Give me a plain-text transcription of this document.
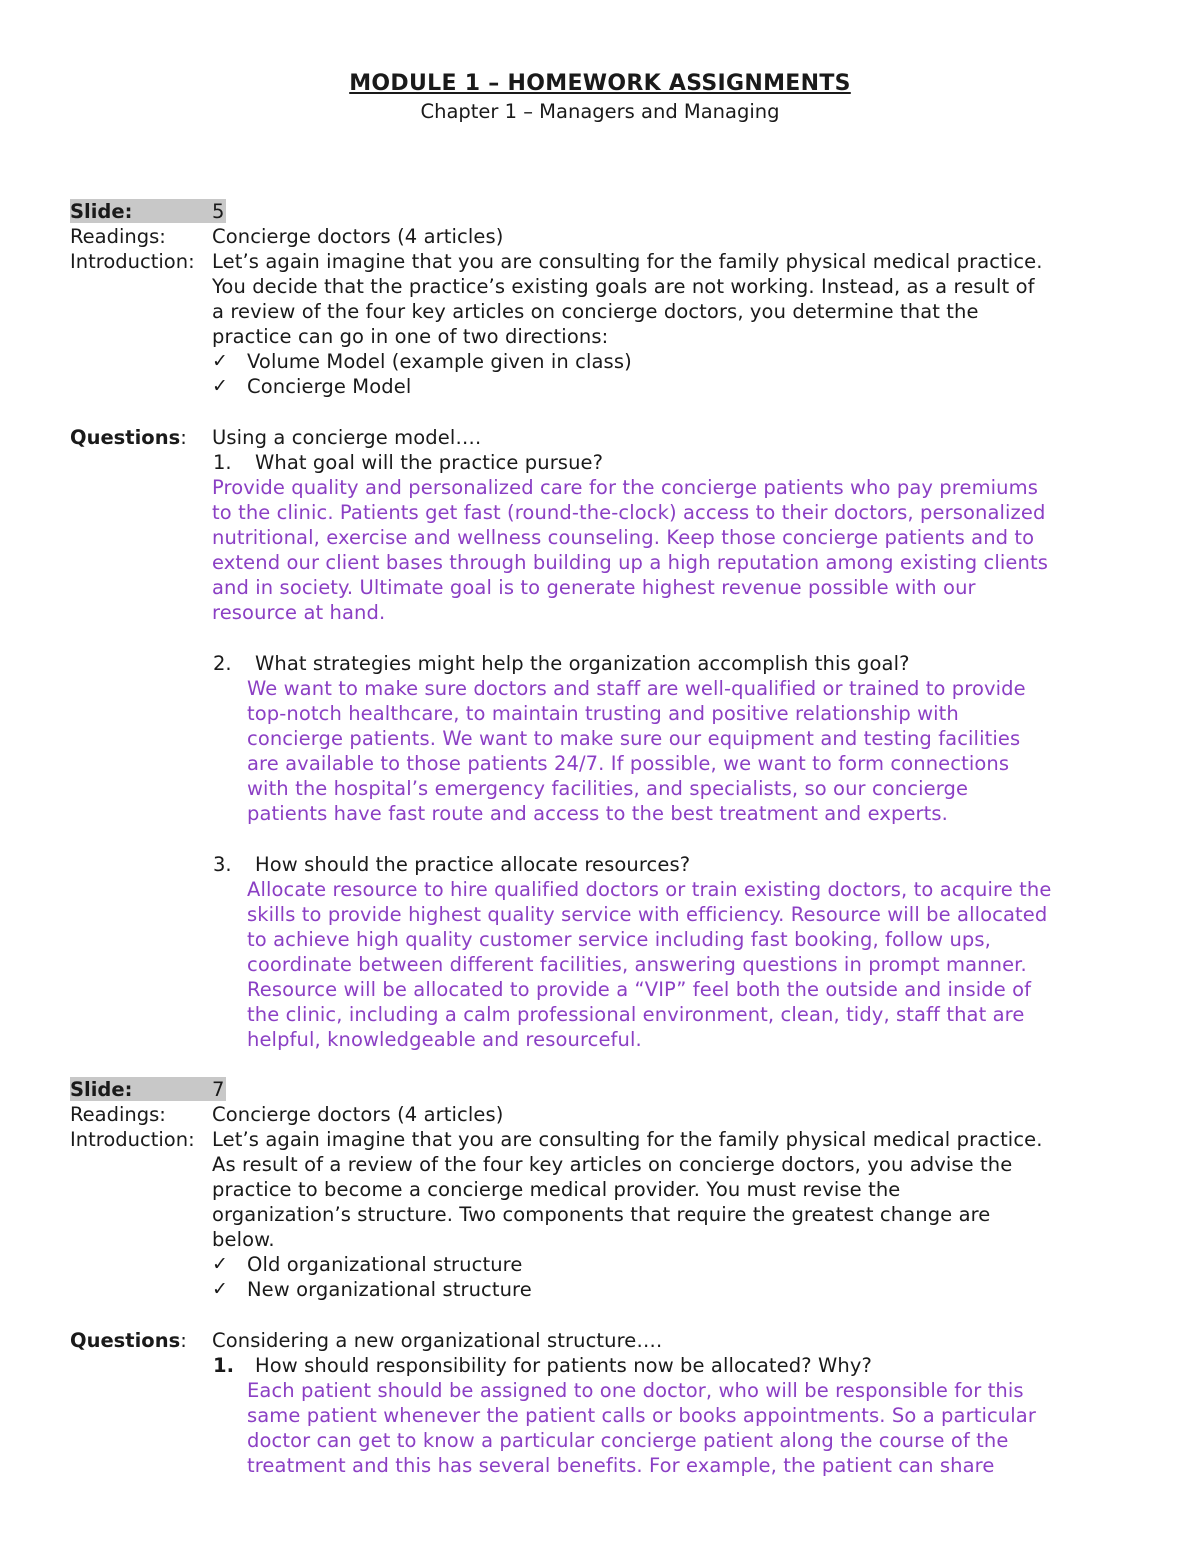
MODULE 1 – HOMEWORK ASSIGNMENTS
Chapter 1 – Managers and Managing
Slide:	5
Readings: Concierge doctors (4 articles)
Introduction: Let’s again imagine that you are consulting for the family physical medical practice.
You decide that the practice’s existing goals are not working. Instead, as a result of
a review of the four key articles on concierge doctors, you determine that the
practice can go in one of two directions:
✓ Volume Model (example given in class)
✓ Concierge Model
Questions: Using a concierge model….
1. What goal will the practice pursue?
Provide quality and personalized care for the concierge patients who pay premiums
to the clinic. Patients get fast (round-the-clock) access to their doctors, personalized
nutritional, exercise and wellness counseling. Keep those concierge patients and to
extend our client bases through building up a high reputation among existing clients
and in society. Ultimate goal is to generate highest revenue possible with our
resource at hand.
2. What strategies might help the organization accomplish this goal?
We want to make sure doctors and staff are well-qualified or trained to provide
top-notch healthcare, to maintain trusting and positive relationship with
concierge patients. We want to make sure our equipment and testing facilities
are available to those patients 24/7. If possible, we want to form connections
with the hospital’s emergency facilities, and specialists, so our concierge
patients have fast route and access to the best treatment and experts.
3. How should the practice allocate resources?
Allocate resource to hire qualified doctors or train existing doctors, to acquire the
skills to provide highest quality service with efficiency. Resource will be allocated
to achieve high quality customer service including fast booking, follow ups,
coordinate between different facilities, answering questions in prompt manner.
Resource will be allocated to provide a “VIP” feel both the outside and inside of
the clinic, including a calm professional environment, clean, tidy, staff that are
helpful, knowledgeable and resourceful.
Slide:	7
Readings: Concierge doctors (4 articles)
Introduction: Let’s again imagine that you are consulting for the family physical medical practice.
As result of a review of the four key articles on concierge doctors, you advise the
practice to become a concierge medical provider. You must revise the
organization’s structure. Two components that require the greatest change are
below.
✓ Old organizational structure
✓ New organizational structure
Questions: Considering a new organizational structure….
1. How should responsibility for patients now be allocated? Why?
Each patient should be assigned to one doctor, who will be responsible for this
same patient whenever the patient calls or books appointments. So a particular
doctor can get to know a particular concierge patient along the course of the
treatment and this has several benefits. For example, the patient can share
